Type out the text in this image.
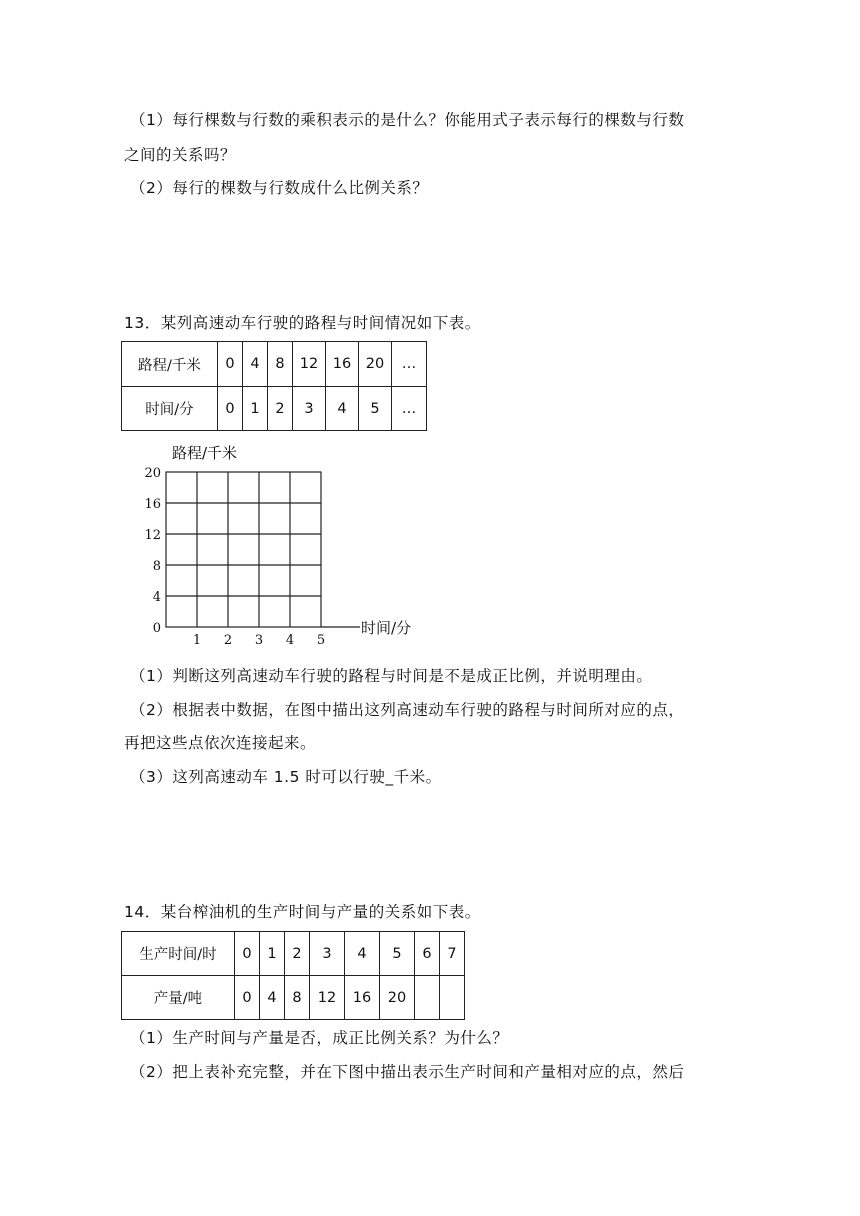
（1）每行棵数与行数的乘积表示的是什么？你能用式子表示每行的棵数与行数
之间的关系吗？
（2）每行的棵数与行数成什么比例关系？
13．某列高速动车行驶的路程与时间情况如下表。
路程/千米	0	4	8	12	16	20	…
时间/分	0	1	2	3	4	5	…
路程/千米
20
16
12
8
4
0
1 2 3 4 5
时间/分
（1）判断这列高速动车行驶的路程与时间是不是成正比例，并说明理由。
（2）根据表中数据，在图中描出这列高速动车行驶的路程与时间所对应的点，
再把这些点依次连接起来。
（3）这列高速动车 1.5 时可以行驶_千米。
14．某台榨油机的生产时间与产量的关系如下表。
生产时间/时	0	1	2	3	4	5	6	7
产量/吨	0	4	8	12	16	20		
（1）生产时间与产量是否，成正比例关系？为什么？
（2）把上表补充完整，并在下图中描出表示生产时间和产量相对应的点，然后
